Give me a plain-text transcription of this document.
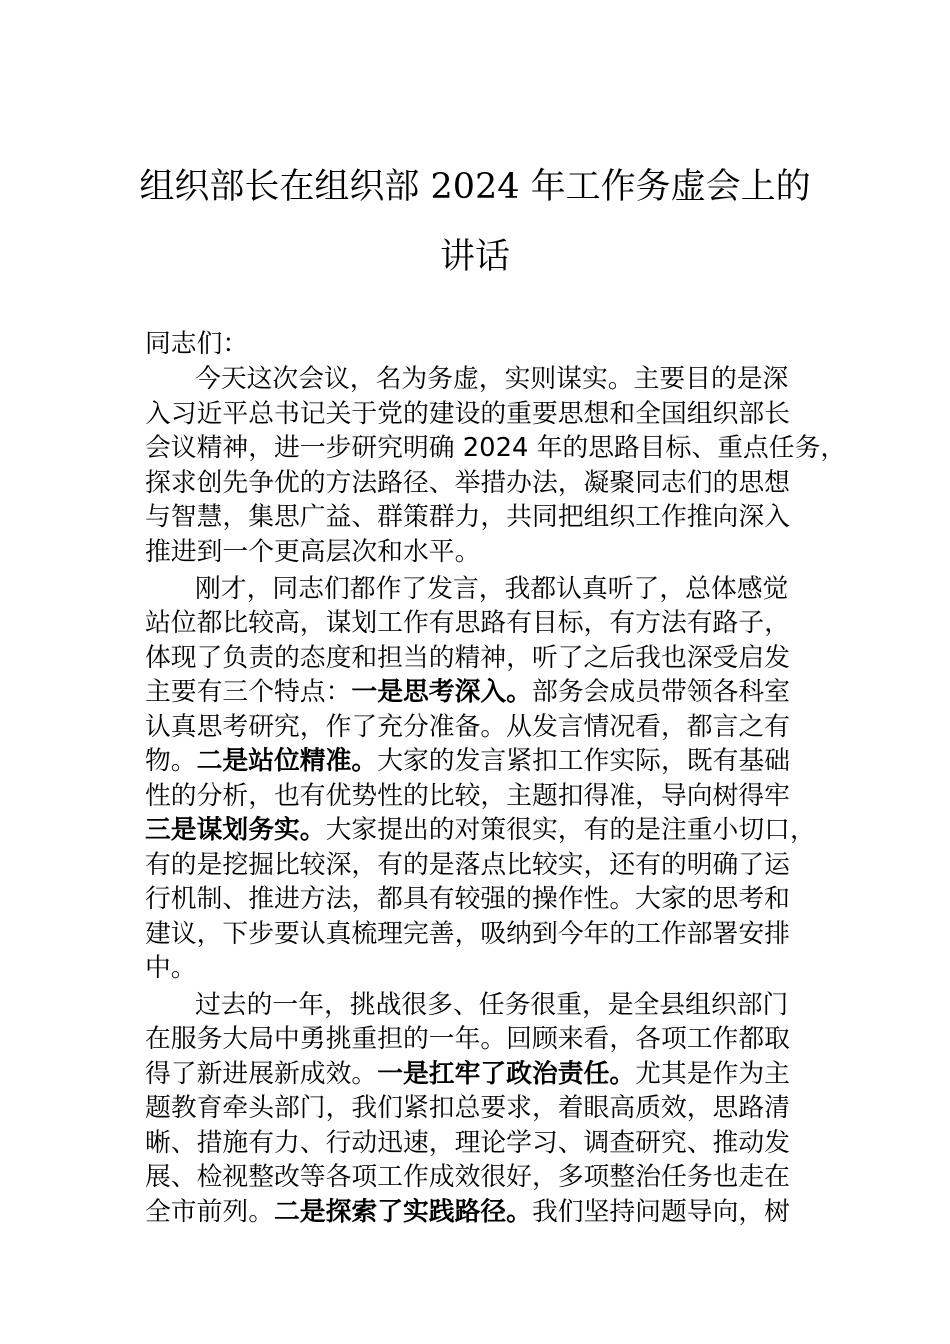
组织部长在组织部 2024 年工作务虚会上的
讲话
同志们：
今天这次会议，名为务虚，实则谋实。主要目的是深
入习近平总书记关于党的建设的重要思想和全国组织部长
会议精神，进一步研究明确 2024 年的思路目标、重点任务，
探求创先争优的方法路径、举措办法，凝聚同志们的思想
与智慧，集思广益、群策群力，共同把组织工作推向深入
推进到一个更高层次和水平。
刚才，同志们都作了发言，我都认真听了，总体感觉
站位都比较高，谋划工作有思路有目标，有方法有路子，
体现了负责的态度和担当的精神，听了之后我也深受启发
主要有三个特点：一是思考深入。部务会成员带领各科室
认真思考研究，作了充分准备。从发言情况看，都言之有
物。二是站位精准。大家的发言紧扣工作实际，既有基础
性的分析，也有优势性的比较，主题扣得准，导向树得牢
三是谋划务实。大家提出的对策很实，有的是注重小切口，
有的是挖掘比较深，有的是落点比较实，还有的明确了运
行机制、推进方法，都具有较强的操作性。大家的思考和
建议，下步要认真梳理完善，吸纳到今年的工作部署安排
中。
过去的一年，挑战很多、任务很重，是全县组织部门
在服务大局中勇挑重担的一年。回顾来看，各项工作都取
得了新进展新成效。一是扛牢了政治责任。尤其是作为主
题教育牵头部门，我们紧扣总要求，着眼高质效，思路清
晰、措施有力、行动迅速，理论学习、调查研究、推动发
展、检视整改等各项工作成效很好，多项整治任务也走在
全市前列。二是探索了实践路径。我们坚持问题导向，树
